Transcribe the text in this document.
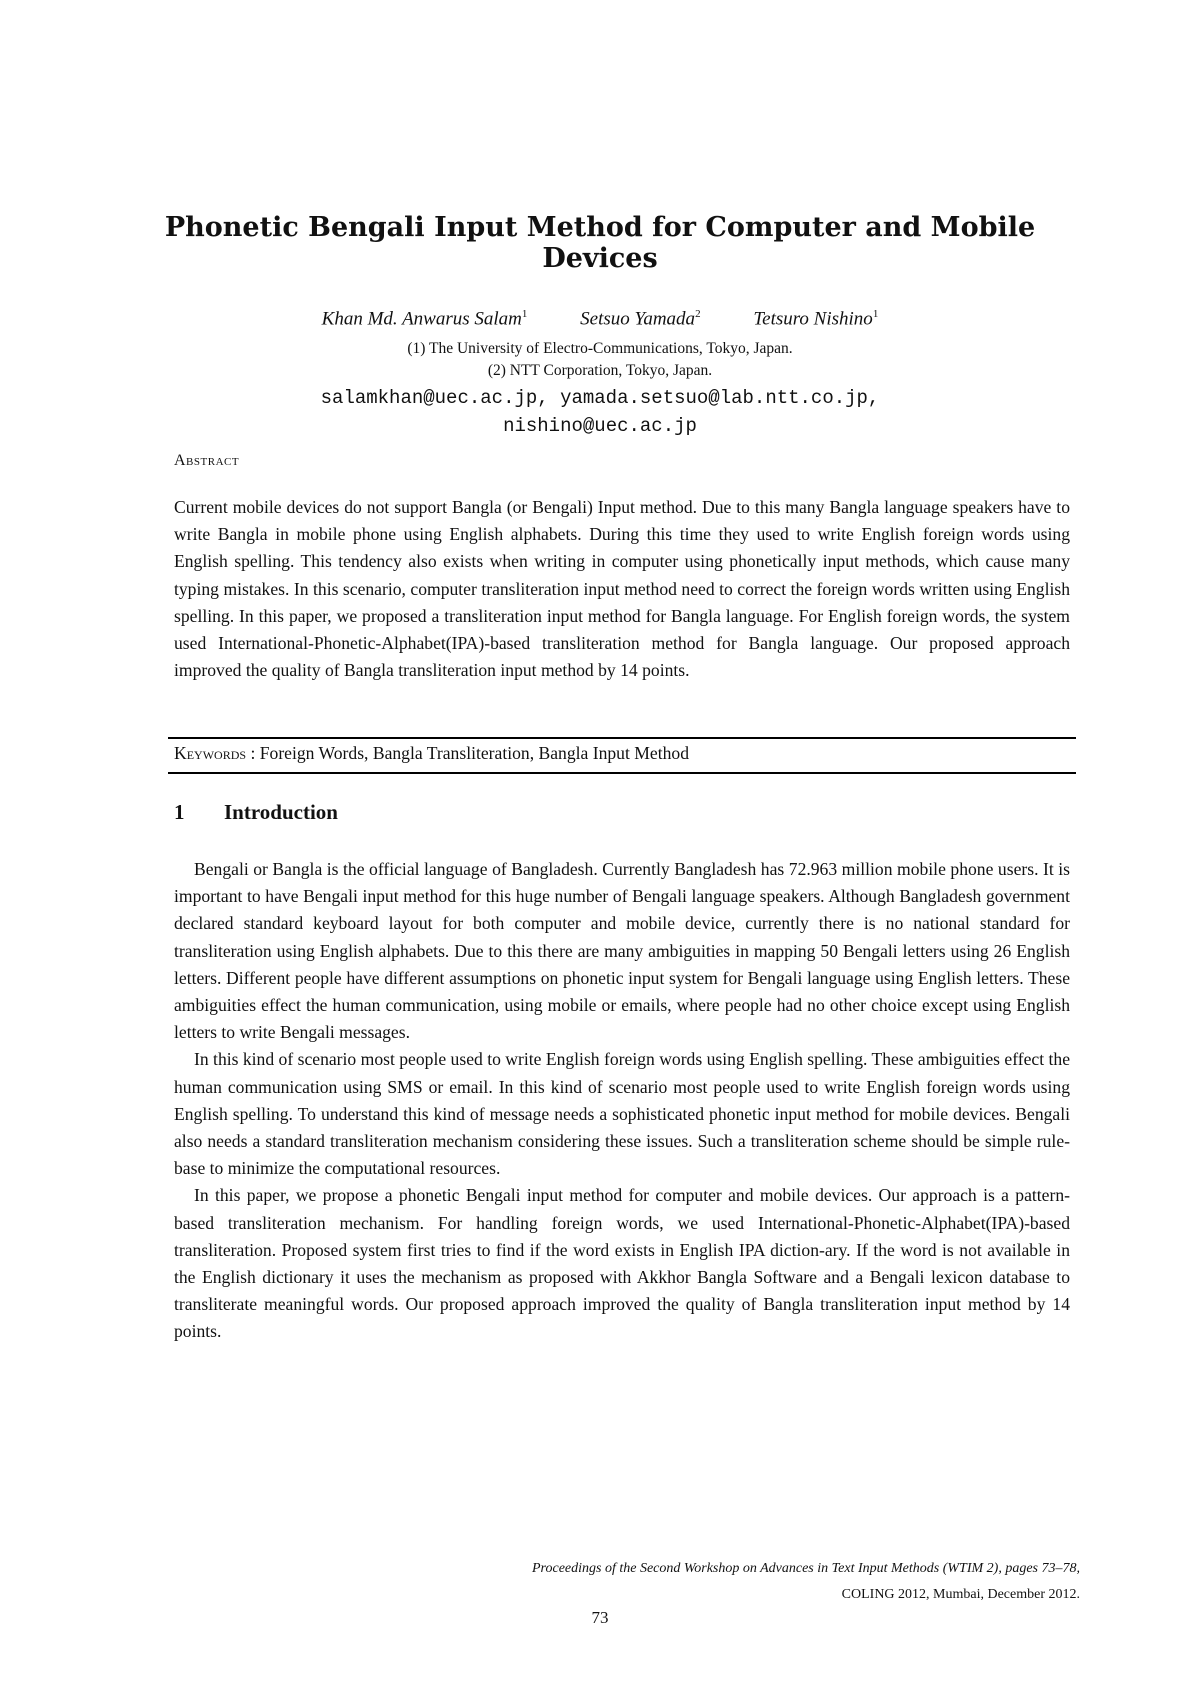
Phonetic Bengali Input Method for Computer and Mobile Devices
Khan Md. Anwarus Salam$^1$	Setsuo Yamada$^2$	Tetsuro Nishino$^1$
(1) The University of Electro-Communications, Tokyo, Japan.
(2) NTT Corporation, Tokyo, Japan.
salamkhan@uec.ac.jp, yamada.setsuo@lab.ntt.co.jp,
nishino@uec.ac.jp
Abstract

Current mobile devices do not support Bangla (or Bengali) Input method. Due to this many Bangla language speakers have to write Bangla in mobile phone using English alphabets. During this time they used to write English foreign words using English spelling. This tendency also exists when writing in computer using phonetically input methods, which cause many typing mistakes. In this scenario, computer transliteration input method need to correct the foreign words written using English spelling. In this paper, we proposed a transliteration input method for Bangla language. For English foreign words, the system used International-Phonetic-Alphabet(IPA)-based transliteration method for Bangla language. Our proposed approach improved the quality of Bangla transliteration input method by 14 points.

Keywords : Foreign Words, Bangla Transliteration, Bangla Input Method
1 Introduction

Bengali or Bangla is the official language of Bangladesh. Currently Bangladesh has 72.963 million mobile phone users. It is important to have Bengali input method for this huge number of Bengali language speakers. Although Bangladesh government declared standard keyboard layout for both computer and mobile device, currently there is no national standard for transliteration using English alphabets. Due to this there are many ambiguities in mapping 50 Bengali letters using 26 English letters. Different people have different assumptions on phonetic input system for Bengali language using English letters. These ambiguities effect the human communication, using mobile or emails, where people had no other choice except using English letters to write Bengali messages.

In this kind of scenario most people used to write English foreign words using English spelling. These ambiguities effect the human communication using SMS or email. In this kind of scenario most people used to write English foreign words using English spelling. To understand this kind of message needs a sophisticated phonetic input method for mobile devices. Bengali also needs a standard transliteration mechanism considering these issues. Such a transliteration scheme should be simple rule-base to minimize the computational resources.

In this paper, we propose a phonetic Bengali input method for computer and mobile devices. Our approach is a pattern-based transliteration mechanism. For handling foreign words, we used International-Phonetic-Alphabet(IPA)-based transliteration. Proposed system first tries to find if the word exists in English IPA diction-ary. If the word is not available in the English dictionary it uses the mechanism as proposed with Akkhor Bangla Software and a Bengali lexicon database to transliterate meaningful words. Our proposed approach improved the quality of Bangla transliteration input method by 14 points.

Proceedings of the Second Workshop on Advances in Text Input Methods (WTIM 2), pages 73–78,
COLING 2012, Mumbai, December 2012.
73
